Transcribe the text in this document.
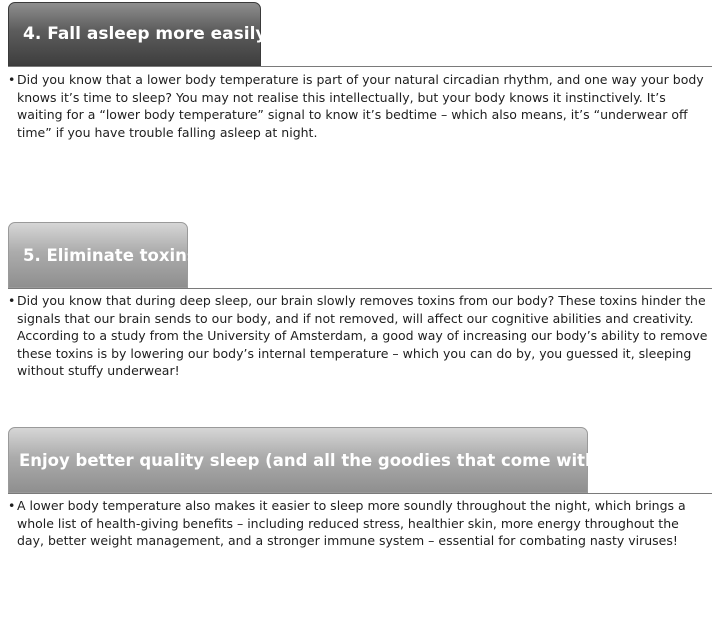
4. Fall asleep more easily

• Did you know that a lower body temperature is part of your natural circadian rhythm, and one way your body knows it’s time to sleep? You may not realise this intellectually, but your body knows it instinctively. It’s waiting for a “lower body temperature” signal to know it’s bedtime – which also means, it’s “underwear off time” if you have trouble falling asleep at night.

5. Eliminate toxins

• Did you know that during deep sleep, our brain slowly removes toxins from our body? These toxins hinder the signals that our brain sends to our body, and if not removed, will affect our cognitive abilities and creativity.

According to a study from the University of Amsterdam, a good way of increasing our body’s ability to remove these toxins is by lowering our body’s internal temperature – which you can do by, you guessed it, sleeping without stuffy underwear!

Enjoy better quality sleep (and all the goodies that come with it)

• A lower body temperature also makes it easier to sleep more soundly throughout the night, which brings a whole list of health-giving benefits – including reduced stress, healthier skin, more energy throughout the day, better weight management, and a stronger immune system – essential for combating nasty viruses!
